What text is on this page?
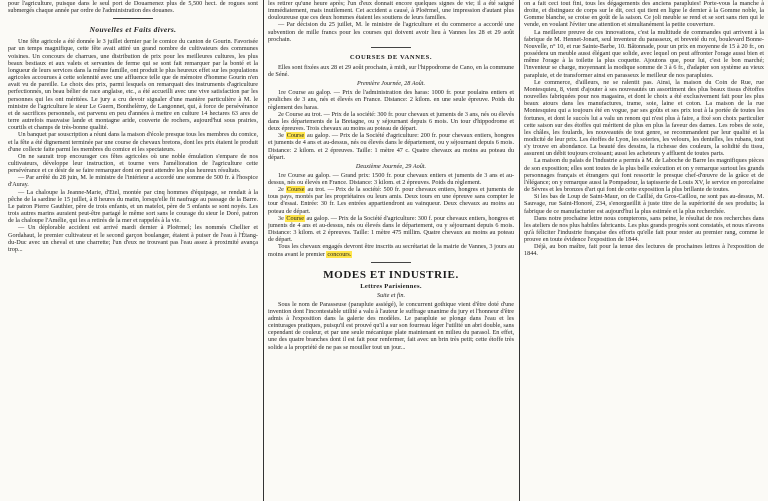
pour l'agriculture, puisque dans le seul port de Douarnenez plus de 5,500 hect. de rogues sont submergés chaque année par ordre de l'administration des douanes.

Nouvelles et Faits divers.

Une fête agricole a été donnée le 3 juillet dernier par le comice du canton de Gourin. Favorisée par un temps magnifique, cette fête avait attiré un grand nombre de cultivateurs des communes voisines. Un concours de charrues, une distribution de prix pour les meilleures cultures, les plus beaux bestiaux et aux valets et servantes de ferme qui se sont fait remarquer par la bonté et la longueur de leurs services dans la même famille, ont produit le plus heureux effet sur les populations agricoles accourues à cette solennité avec une affluence telle que de mémoire d'homme Gourin n'en avait vu de pareille. Le choix des prix, parmi lesquels on remarquait des instruments d'agriculture perfectionnés, un beau bélier de race anglaise, etc., a été accueilli avec une vive satisfaction par les personnes qui les ont méritées. Le jury a cru devoir signaler d'une manière particulière à M. le ministre de l'agriculture le sieur Le Guern, Bonthelèmy, de Langonnet, qui, à force de persévérance et de sacrifices personnels, est parvenu en peu d'années à mettre en culture 14 hectares 63 ares de terre autrefois mauvaise lande et montagne aride, couverte de rochers, aujourd'hui sous prairies, courtils et champs de très-bonne qualité.

Un banquet par souscription a réuni dans la maison d'école presque tous les membres du comice, et la fête a été dignement terminée par une course de chevaux bretons, dont les prix étaient le produit d'une collecte faite parmi les membres du comice et les spectateurs.

On ne saurait trop encourager ces fêtes agricoles où une noble émulation s'empare de nos cultivateurs, développe leur instruction, et tourne vers l'amélioration de l'agriculture cette persévérance et ce désir de se faire remarquer dont on peut attendre les plus heureux résultats.

— Par arrêté du 28 juin, M. le ministre de l'intérieur a accordé une somme de 500 fr. à l'hospice d'Auray.

— La chaloupe la Jeanne-Marie, d'Etel, montée par cinq hommes d'équipage, se rendait à la pêche de la sardine le 15 juillet, à 8 heures du matin, lorsqu'elle fit naufrage au passage de la Barre. Le patron Pierre Gauthier, père de trois enfants, et un matelot, père de 5 enfants se sont noyés. Les trois autres marins auraient peut-être partagé le même sort sans le courage du sieur le Doré, patron de la chaloupe l'Amélie, qui les a retirés de la mer et rappelés à la vie.

— Un déplorable accident est arrivé mardi dernier à Ploërmel; les nommés Chellier et Gordahaut, le premier cultivateur et le second garçon boulanger, étaient à puiser de l'eau à l'Étang-du-Duc avec un cheval et une charrette; l'un d'eux ne trouvant pas l'eau assez à proximité avança trop...

les retirer qu'une heure après; l'un d'eux donnait encore quelques signes de vie; il a été saigné immédiatement, mais inutilement. Cet accident a causé, à Ploërmel, une impression d'autant plus douloureuse que ces deux hommes étaient les soutiens de leurs familles.

— Par décision du 25 juillet, M. le ministre de l'agriculture et du commerce a accordé une subvention de mille francs pour les courses qui doivent avoir lieu à Vannes les 28 et 29 août prochain.

COURSES DE VANNES.

Elles sont fixées aux 28 et 29 août prochain, à midi, sur l'hippodrome de Cano, en la commune de Séné.

Première Journée, 28 Août.

1re Course au galop. — Prix de l'administration des haras: 1000 fr. pour poulains entiers et pouliches de 3 ans, nés et élevés en France. Distance: 2 kilom. en une seule épreuve. Poids du règlement des haras.

2e Course au trot. — Prix de la société: 300 fr. pour chevaux et juments de 3 ans, nés ou élevés dans les départements de la Bretagne, ou y séjournant depuis 6 mois. Un tour d'hippodrome et deux épreuves. Trois chevaux au moins au poteau de départ.

3e Course au galop. — Prix de la Société d'agriculture: 200 fr. pour chevaux entiers, hongres et juments de 4 ans et au-dessus, nés ou élevés dans le département, ou y séjournant depuis 6 mois. Distance: 2 kilom. et 2 épreuves. Taille: 1 mètre 47 c. Quatre chevaux au moins au poteau du départ.

Deuxième Journée, 29 Août.

1re Course au galop. — Grand prix: 1500 fr. pour chevaux entiers et juments de 3 ans et au-dessus, nés ou élevés en France. Distance: 3 kilom. et 2 épreuves. Poids du règlement.

2e Course au trot. — Prix de la société: 500 fr. pour chevaux entiers, hongres et juments de tous pays, montés par les propriétaires ou leurs amis. Deux tours en une épreuve sans compter le tour d'essai. Entrée: 30 fr. Les entrées appartiendront au vainqueur. Deux chevaux au moins au poteau de départ.

3e Course au galop. — Prix de la Société d'agriculture: 300 f. pour chevaux entiers, hongres et juments de 4 ans et au-dessus, nés ou élevés dans le département, ou y séjournant depuis 6 mois. Distance: 3 kilom. et 2 épreuves. Taille: 1 mètre 475 millim. Quatre chevaux au moins au poteau de départ.

Tous les chevaux engagés devront être inscrits au secrétariat de la mairie de Vannes, 3 jours au moins avant le premier concours.

MODES ET INDUSTRIE.
Lettres Parisiennes.
Suite et fin.

Sous le nom de Parasseuse (parapluie assiégé), le concurrent gothique vient d'être doté d'une invention dont l'incontestable utilité a valu à l'auteur le suffrage unanime du jury et l'honneur d'être admis à l'exposition dans la galerie des modèles. Le parapluie se plonge dans l'eau et les ceinturages pratiques, puisqu'il est prouvé qu'il a sur son fourreau léger l'utilité un abri double, sans cependant de couleur, et par une seule mécanique plate maintenant en milieu du parasol. En effet, une des quatre branches dont il est fait pour renfermer, fait avec un brin très petit; cette étoffe très solide a la propriété de ne pas se mouiller tout un jour...

on a fait ceci tout fini, tous les dégagements des anciens parapluies! Porte-vous la manche à droite, et distinguez de corps sur le dit, ceci qui tient en ligne le dernier à la Gomme noble, la Gomme blanche, se croise en goût de la saison. Ce joli meuble se rend et se sort sans rien qui le vende, en voulant l'éviter une attention et simultanément la petite couverture.

La meilleure preuve de ces innovations, c'est la multitude de commandes qui arrivent à la fabrique de M. Hennet-Jonart, seul inventeur du parasseux, et breveté du roi, boulevard Bonne-Nouvelle, n° 10, et rue Sainte-Barbe, 10. Bâtonnade, pour un prix en moyenne de 15 à 20 fr., on possédera un meuble aussi élégant que solide, avec lequel on peut affronter l'orage aussi bien et même l'orage à la toilette la plus coquette. Ajoutons que, pour lui, c'est le bon marché; l'inventeur se charge, moyennant la modique somme de 3 à 6 fr., d'adapter son système au vieux parapluie, et de transformer ainsi en parasseux le meilleur de nos parapluies.

Le commerce, d'ailleurs, ne se ralentit pas. Ainsi, la maison du Coin de Rue, rue Montesquieu, 8, vient d'ajouter à ses nouveautés un assortiment des plus beaux tissus d'étoffes nouvelles fabriquées pour nos magasins, et dont le choix a été exclusivement fait pour les plus beaux atours dans les manufactures, trame, soie, laine et coton. La maison de la rue Montesquieu qui a toujours été en vogue, par ses goûts et ses prix tout à la portée de toutes les fortunes, et dont le succès lui a valu un renom qui n'est plus à faire, a fixé son choix particulier cette saison sur des étoffes qui méritent de plus en plus la faveur des dames. Les robes de soie, les châles, les foulards, les nouveautés de tout genre, se recommandent par leur qualité et la modicité de leur prix. Les étoffes de Lyon, les soieries, les velours, les dentelles, les rubans, tout s'y trouve en abondance. La beauté des dessins, la richesse des couleurs, la solidité du tissu, assurent un débit toujours croissant; aussi les acheteurs y affluent de toutes parts.

La maison du palais de l'industrie a permis à M. de Laboche de Barre les magnifiques pièces de son exposition; elles sont toutes de la plus belle exécution et on y remarque surtout les grands personnages français et étrangers qui font ressortir le presque chef-d'œuvre de la grâce et de l'élégance; on y remarque aussi la Pompadour, la tapisserie de Louis XV, le service en porcelaine de Sèvres et les bronzes d'art qui font de cette exposition la plus brillante de toutes.

Si les bas de Loup de Saint-Maur, on de Caillié, du Gros-Caillou, ne sont pas au-dessus, M. Sauvage, rue Saint-Honoré, 234, s'enorgueillit à juste titre de la supériorité de ses produits; la fabrique de ce manufacturier est aujourd'hui la plus estimée et la plus recherchée.

Dans notre prochaine lettre nous compterons, sans peine, le résultat de nos recherches dans les ateliers de nos plus habiles fabricants. Les plus grands progrès sont constatés, et nous n'avons qu'à féliciter l'industrie française des efforts qu'elle fait pour rester au premier rang, comme le prouve en toute évidence l'exposition de 1844.

Déjà, au bon maître, fait pour la tenue des lectures de prochaines lettres à l'exposition de 1844.
